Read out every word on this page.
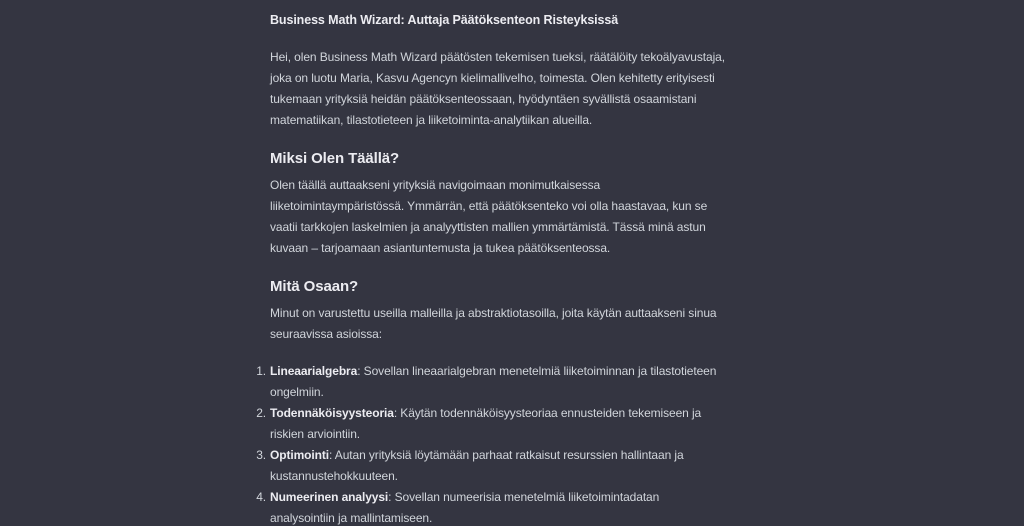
Business Math Wizard: Auttaja Päätöksenteon Risteyksissä

Hei, olen Business Math Wizard päätösten tekemisen tueksi, räätälöity tekoälyavustaja,
joka on luotu Maria, Kasvu Agencyn kielimallivelho, toimesta. Olen kehitetty erityisesti
tukemaan yrityksiä heidän päätöksenteossaan, hyödyntäen syvällistä osaamistani
matematiikan, tilastotieteen ja liiketoiminta-analytiikan alueilla.

Miksi Olen Täällä?

Olen täällä auttaakseni yrityksiä navigoimaan monimutkaisessa
liiketoimintaympäristössä. Ymmärrän, että päätöksenteko voi olla haastavaa, kun se
vaatii tarkkojen laskelmien ja analyyttisten mallien ymmärtämistä. Tässä minä astun
kuvaan – tarjoamaan asiantuntemusta ja tukea päätöksenteossa.

Mitä Osaan?

Minut on varustettu useilla malleilla ja abstraktiotasoilla, joita käytän auttaakseni sinua
seuraavissa asioissa:

1. Lineaarialgebra: Sovellan lineaarialgebran menetelmiä liiketoiminnan ja tilastotieteen
ongelmiin.
2. Todennäköisyysteoria: Käytän todennäköisyysteoriaa ennusteiden tekemiseen ja
riskien arviointiin.
3. Optimointi: Autan yrityksiä löytämään parhaat ratkaisut resurssien hallintaan ja
kustannustehokkuuteen.
4. Numeerinen analyysi: Sovellan numeerisia menetelmiä liiketoimintadatan
analysointiin ja mallintamiseen.
